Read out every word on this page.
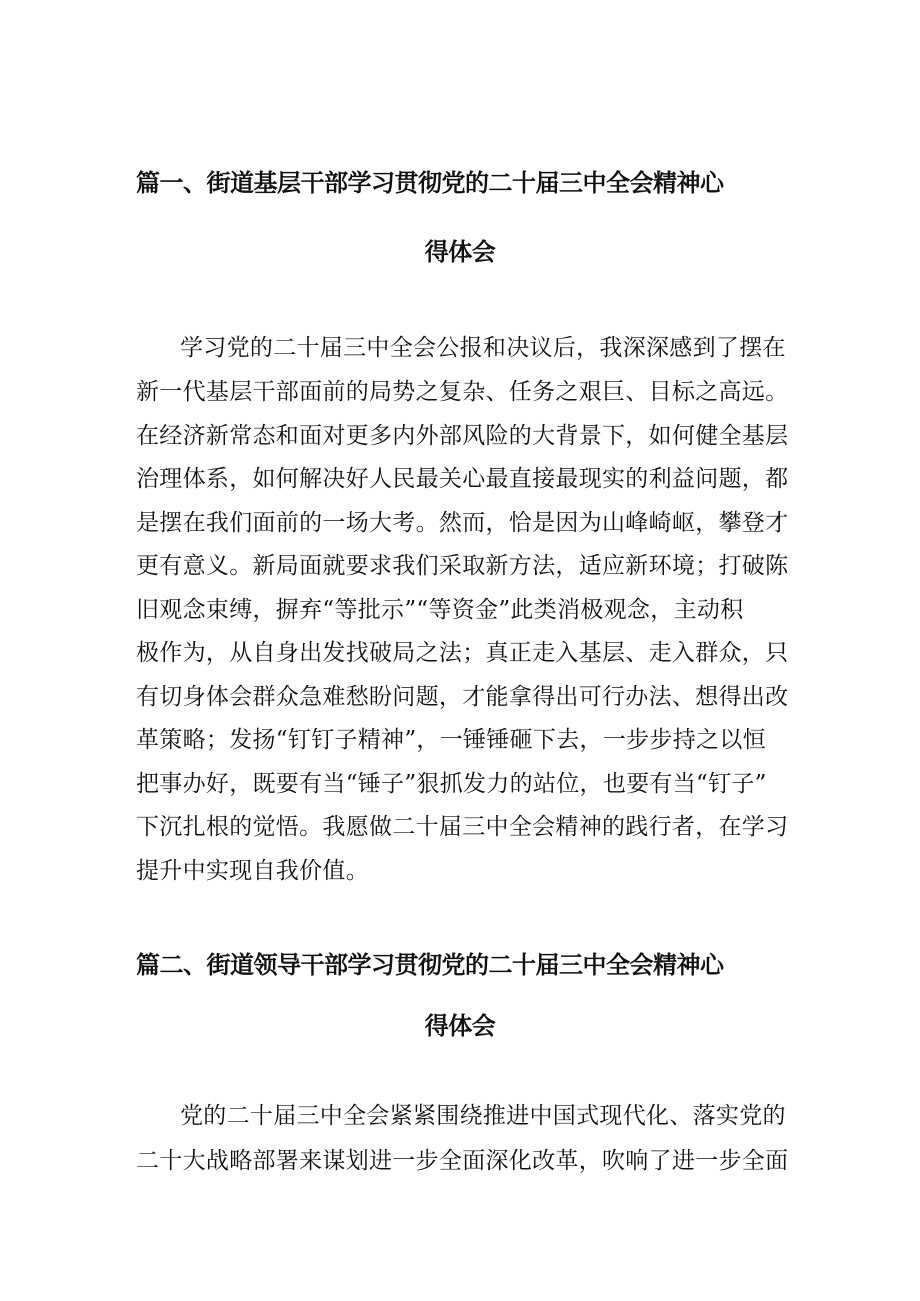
篇一、街道基层干部学习贯彻党的二十届三中全会精神心
得体会

学习党的二十届三中全会公报和决议后，我深深感到了摆在

新一代基层干部面前的局势之复杂、任务之艰巨、目标之高远。

在经济新常态和面对更多内外部风险的大背景下，如何健全基层

治理体系，如何解决好人民最关心最直接最现实的利益问题，都

是摆在我们面前的一场大考。然而，恰是因为山峰崎岖，攀登才

更有意义。新局面就要求我们采取新方法，适应新环境；打破陈

旧观念束缚，摒弃“等批示”“等资金”此类消极观念，主动积

极作为，从自身出发找破局之法；真正走入基层、走入群众，只

有切身体会群众急难愁盼问题，才能拿得出可行办法、想得出改

革策略；发扬“钉钉子精神”，一锤锤砸下去，一步步持之以恒

把事办好，既要有当“锤子”狠抓发力的站位，也要有当“钉子”

下沉扎根的觉悟。我愿做二十届三中全会精神的践行者，在学习

提升中实现自我价值。

篇二、街道领导干部学习贯彻党的二十届三中全会精神心
得体会

党的二十届三中全会紧紧围绕推进中国式现代化、落实党的

二十大战略部署来谋划进一步全面深化改革，吹响了进一步全面
